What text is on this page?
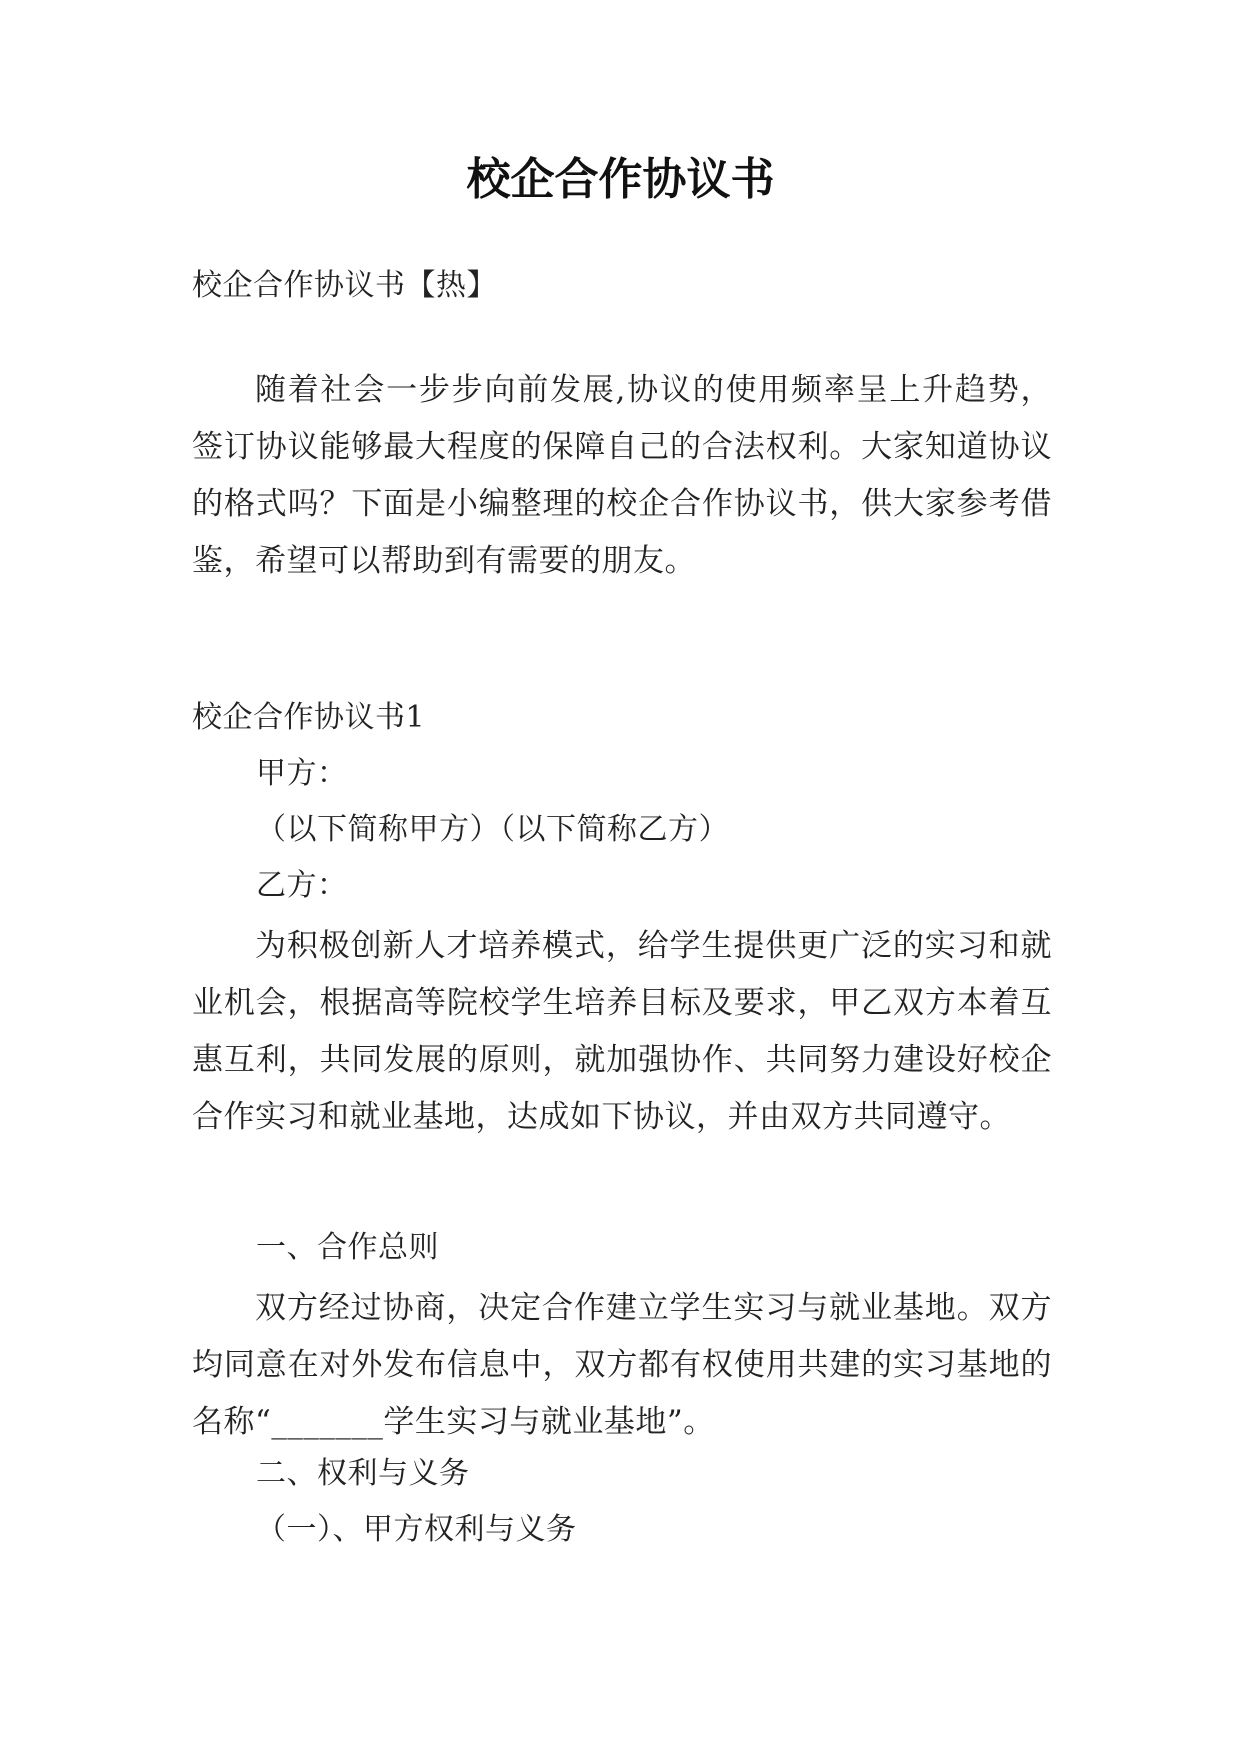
校企合作协议书
校企合作协议书【热】
随着社会一步步向前发展,协议的使用频率呈上升趋势，签订协议能够最大程度的保障自己的合法权利。大家知道协议的格式吗？下面是小编整理的校企合作协议书，供大家参考借鉴，希望可以帮助到有需要的朋友。
校企合作协议书1
甲方：
（以下简称甲方）（以下简称乙方）
乙方：
为积极创新人才培养模式，给学生提供更广泛的实习和就业机会，根据高等院校学生培养目标及要求，甲乙双方本着互惠互利，共同发展的原则，就加强协作、共同努力建设好校企合作实习和就业基地，达成如下协议，并由双方共同遵守。
一、合作总则
双方经过协商，决定合作建立学生实习与就业基地。双方均同意在对外发布信息中，双方都有权使用共建的实习基地的名称“_______学生实习与就业基地”。
二、权利与义务
（一）、甲方权利与义务
